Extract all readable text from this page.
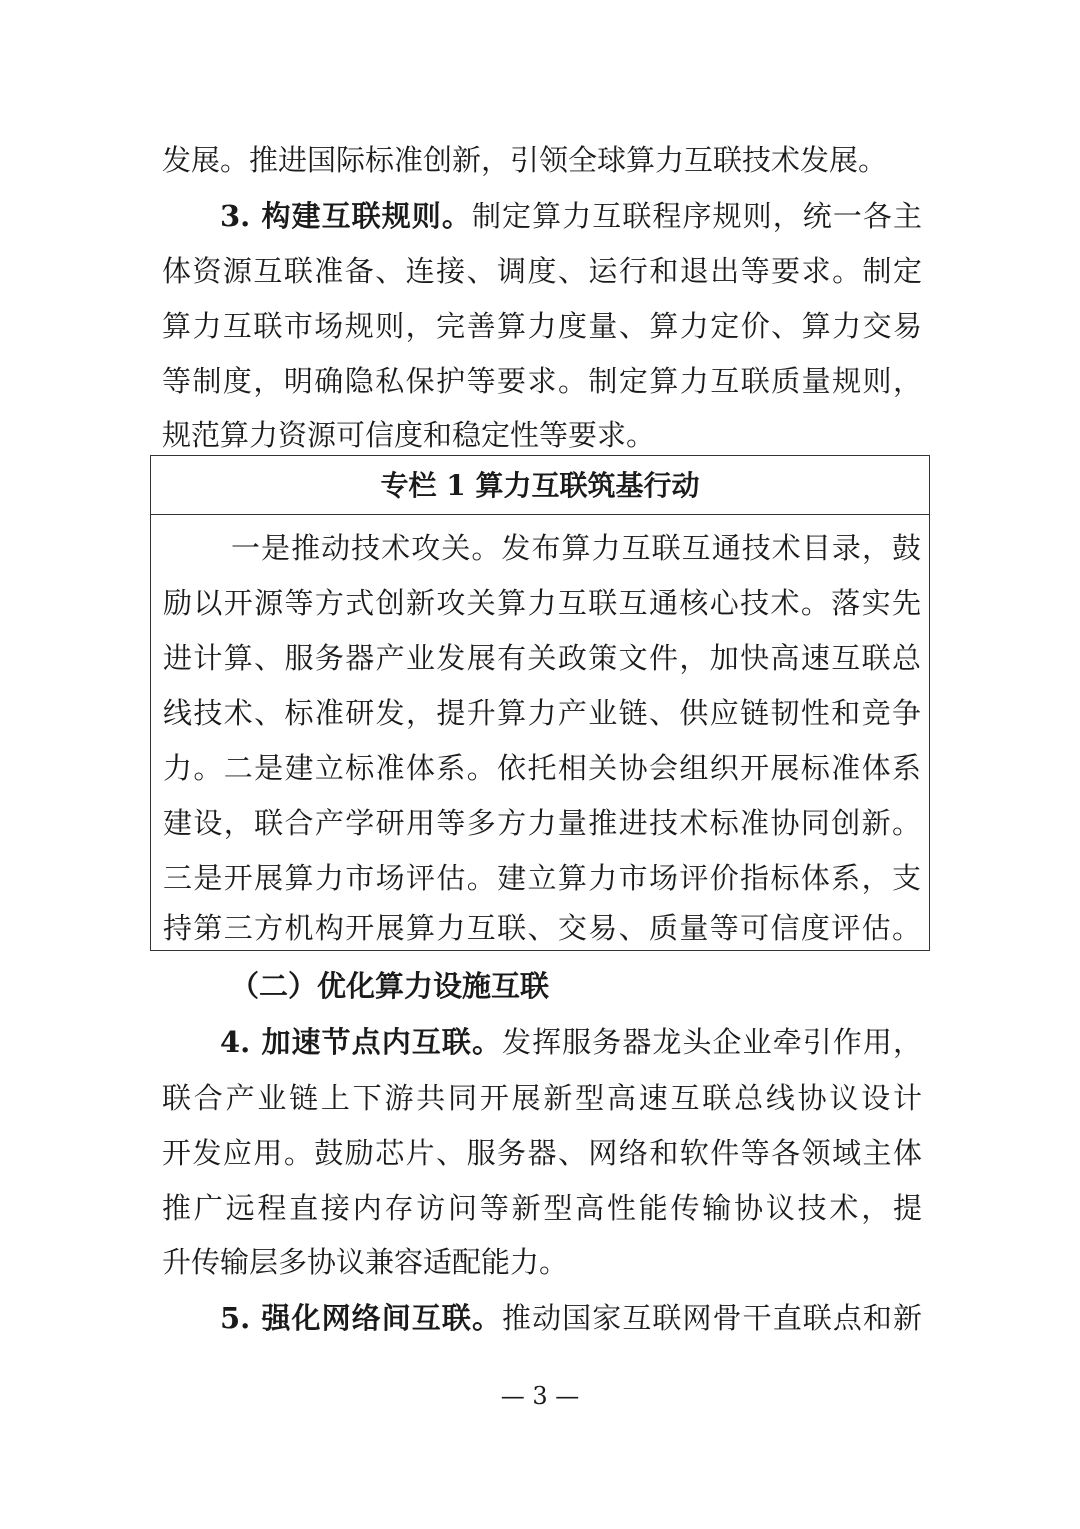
发展。推进国际标准创新，引领全球算力互联技术发展。
3. 构建互联规则。制定算力互联程序规则，统一各主
体资源互联准备、连接、调度、运行和退出等要求。制定
算力互联市场规则，完善算力度量、算力定价、算力交易
等制度，明确隐私保护等要求。制定算力互联质量规则，
规范算力资源可信度和稳定性等要求。
专栏 1 算力互联筑基行动
一是推动技术攻关。发布算力互联互通技术目录，鼓
励以开源等方式创新攻关算力互联互通核心技术。落实先
进计算、服务器产业发展有关政策文件，加快高速互联总
线技术、标准研发，提升算力产业链、供应链韧性和竞争
力。二是建立标准体系。依托相关协会组织开展标准体系
建设，联合产学研用等多方力量推进技术标准协同创新。
三是开展算力市场评估。建立算力市场评价指标体系，支
持第三方机构开展算力互联、交易、质量等可信度评估。
（二）优化算力设施互联
4. 加速节点内互联。发挥服务器龙头企业牵引作用，
联合产业链上下游共同开展新型高速互联总线协议设计
开发应用。鼓励芯片、服务器、网络和软件等各领域主体
推广远程直接内存访问等新型高性能传输协议技术，提
升传输层多协议兼容适配能力。
5. 强化网络间互联。推动国家互联网骨干直联点和新
— 3 —
